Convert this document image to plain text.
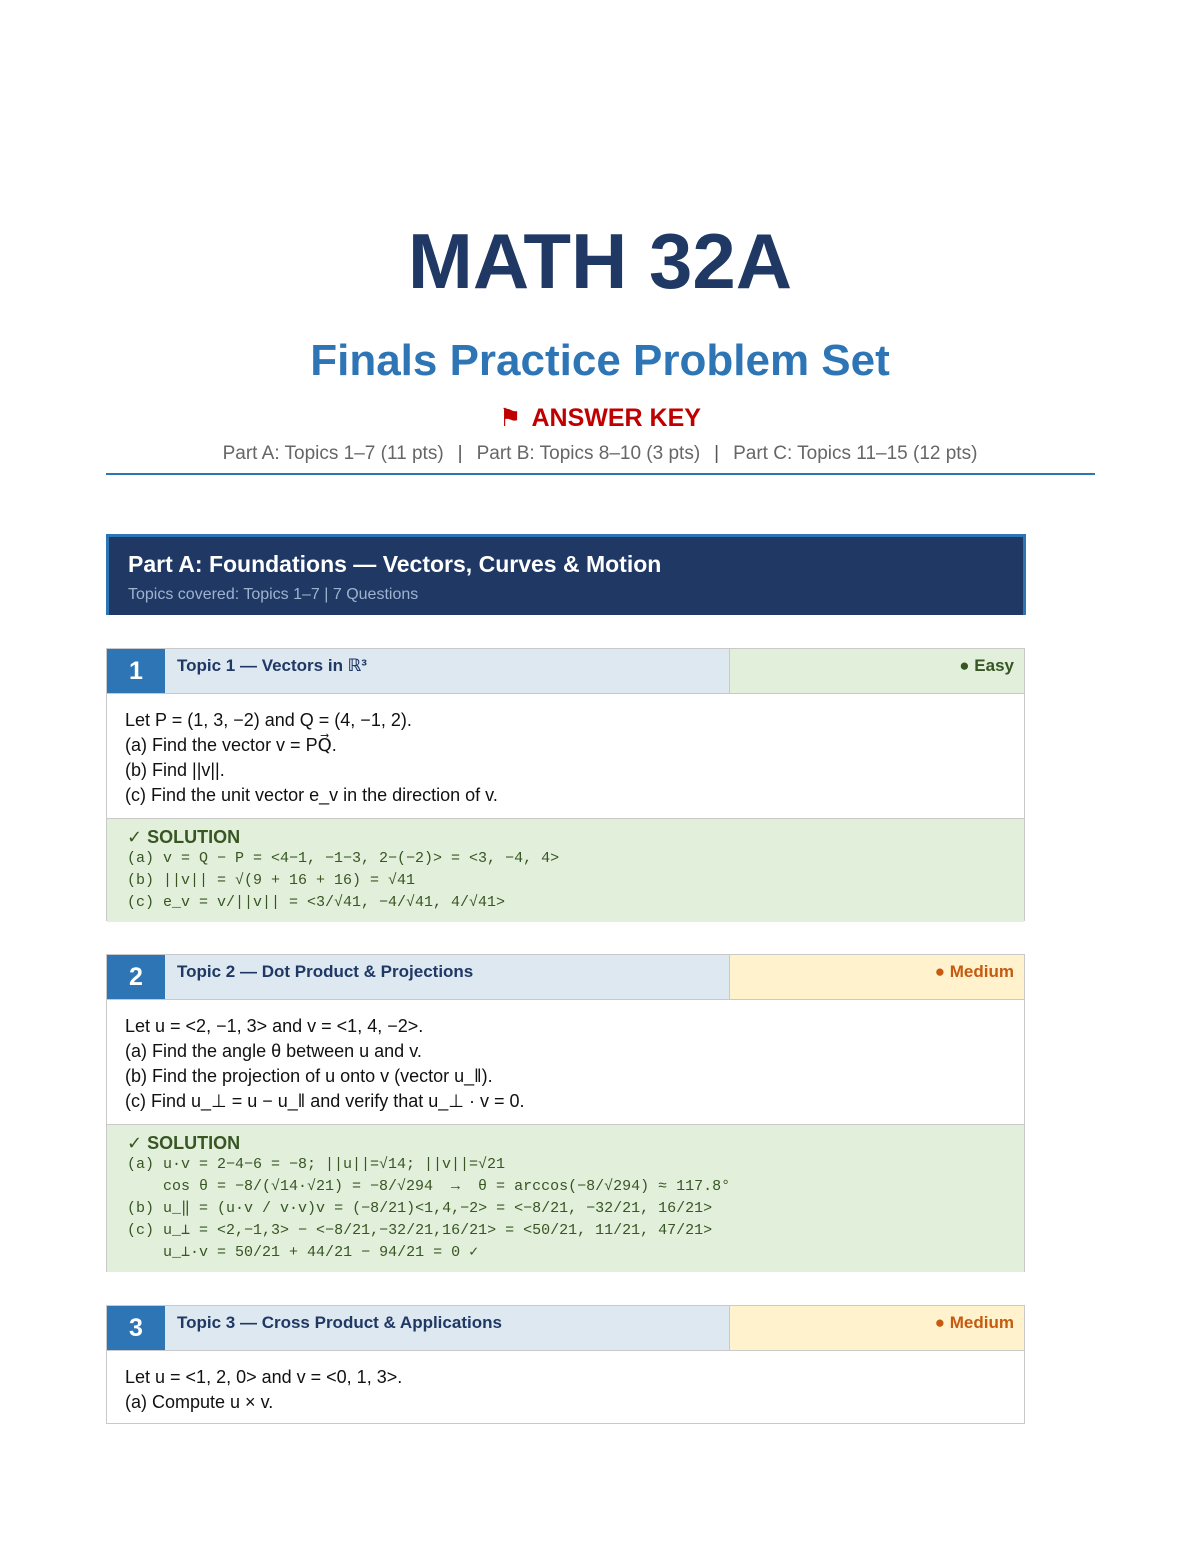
MATH 32A
Finals Practice Problem Set
⚑ ANSWER KEY
Part A: Topics 1–7 (11 pts) | Part B: Topics 8–10 (3 pts) | Part C: Topics 11–15 (12 pts)
Part A: Foundations — Vectors, Curves & Motion
Topics covered: Topics 1–7 | 7 Questions
1	Topic 1 — Vectors in ℝ³	● Easy
Let P = (1, 3, −2) and Q = (4, −1, 2).
(a) Find the vector v = PQ⃗.
(b) Find ||v||.
(c) Find the unit vector e_v in the direction of v.
✓ SOLUTION
(a) v = Q − P = <4−1, −1−3, 2−(−2)> = <3, −4, 4>
(b) ||v|| = √(9 + 16 + 16) = √41
(c) e_v = v/||v|| = <3/√41, −4/√41, 4/√41>
2	Topic 2 — Dot Product & Projections	● Medium
Let u = <2, −1, 3> and v = <1, 4, −2>.
(a) Find the angle θ between u and v.
(b) Find the projection of u onto v (vector u_‖).
(c) Find u_⊥ = u − u_‖ and verify that u_⊥ · v = 0.
✓ SOLUTION
(a) u·v = 2−4−6 = −8; ||u||=√14; ||v||=√21
cos θ = −8/(√14·√21) = −8/√294  →  θ = arccos(−8/√294) ≈ 117.8°
(b) u_‖ = (u·v / v·v)v = (−8/21)<1,4,−2> = <−8/21, −32/21, 16/21>
(c) u_⊥ = <2,−1,3> − <−8/21,−32/21,16/21> = <50/21, 11/21, 47/21>
u_⊥·v = 50/21 + 44/21 − 94/21 = 0 ✓
3	Topic 3 — Cross Product & Applications	● Medium
Let u = <1, 2, 0> and v = <0, 1, 3>.
(a) Compute u × v.
